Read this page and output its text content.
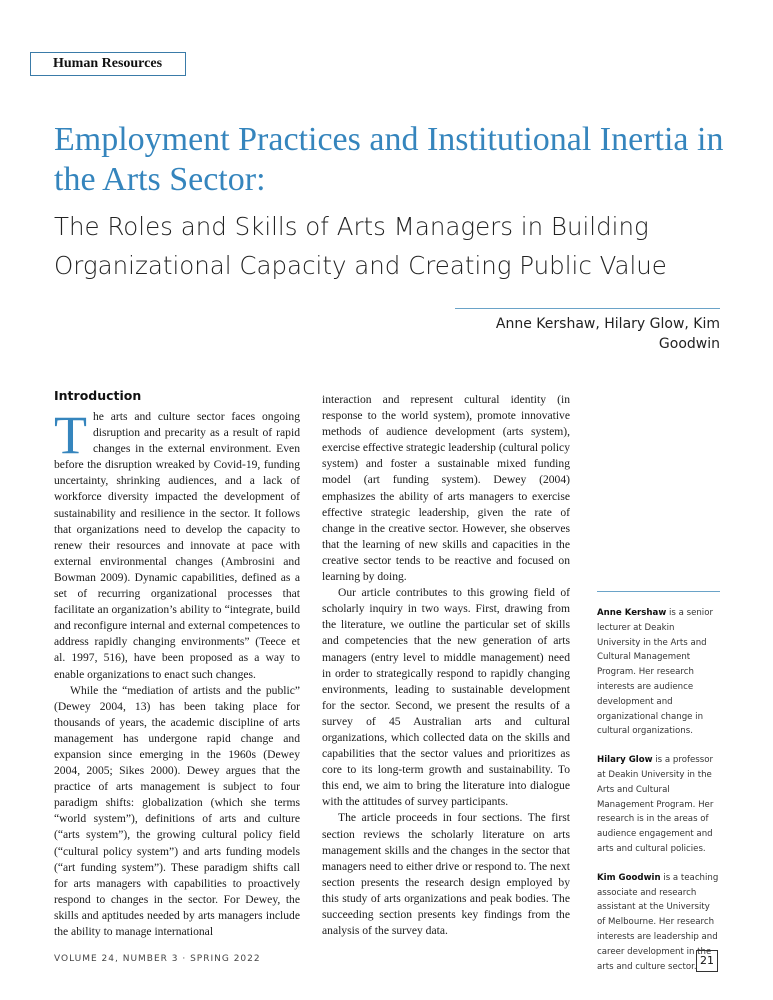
Human Resources
Employment Practices and Institutional Inertia in the Arts Sector:
The Roles and Skills of Arts Managers in Building Organizational Capacity and Creating Public Value
Anne Kershaw, Hilary Glow, Kim Goodwin
Introduction

The arts and culture sector faces ongoing disruption and precarity as a result of rapid changes in the external environment. Even before the disruption wreaked by Covid-19, funding uncertainty, shrinking audiences, and a lack of workforce diversity impacted the development of sustainability and resilience in the sector. It follows that organizations need to develop the capacity to renew their resources and innovate at pace with external environmental changes (Ambrosini and Bowman 2009). Dynamic capabilities, defined as a set of recurring organizational processes that facilitate an organization’s ability to “integrate, build and reconfigure internal and external competences to address rapidly changing environments” (Teece et al. 1997, 516), have been proposed as a way to enable organizations to enact such changes.

While the “mediation of artists and the public” (Dewey 2004, 13) has been taking place for thousands of years, the academic discipline of arts management has undergone rapid change and expansion since emerging in the 1960s (Dewey 2004, 2005; Sikes 2000). Dewey argues that the practice of arts management is subject to four paradigm shifts: globalization (which she terms “world system”), definitions of arts and culture (“arts system”), the growing cultural policy field (“cultural policy system”) and arts funding models (“art funding system”). These paradigm shifts call for arts managers with capabilities to proactively respond to changes in the sector. For Dewey, the skills and aptitudes needed by arts managers include the ability to manage international

interaction and represent cultural identity (in response to the world system), promote innovative methods of audience development (arts system), exercise effective strategic leadership (cultural policy system) and foster a sustainable mixed funding model (art funding system). Dewey (2004) emphasizes the ability of arts managers to exercise effective strategic leadership, given the rate of change in the creative sector. However, she observes that the learning of new skills and capacities in the creative sector tends to be reactive and focused on learning by doing.

Our article contributes to this growing field of scholarly inquiry in two ways. First, drawing from the literature, we outline the particular set of skills and competencies that the new generation of arts managers (entry level to middle management) need in order to strategically respond to rapidly changing environments, leading to sustainable development for the sector. Second, we present the results of a survey of 45 Australian arts and cultural organizations, which collected data on the skills and capabilities that the sector values and prioritizes as core to its long-term growth and sustainability. To this end, we aim to bring the literature into dialogue with the attitudes of survey participants.

The article proceeds in four sections. The first section reviews the scholarly literature on arts management skills and the changes in the sector that managers need to either drive or respond to. The next section presents the research design employed by this study of arts organizations and peak bodies. The succeeding section presents key findings from the analysis of the survey data.

Anne Kershaw is a senior lecturer at Deakin University in the Arts and Cultural Management Program. Her research interests are audience development and organizational change in cultural organizations.

Hilary Glow is a professor at Deakin University in the Arts and Cultural Management Program. Her research is in the areas of audience engagement and arts and cultural policies.

Kim Goodwin is a teaching associate and research assistant at the University of Melbourne. Her research interests are leadership and career development in the arts and culture sector.

VOLUME 24, NUMBER 3 · SPRING 2022	21
